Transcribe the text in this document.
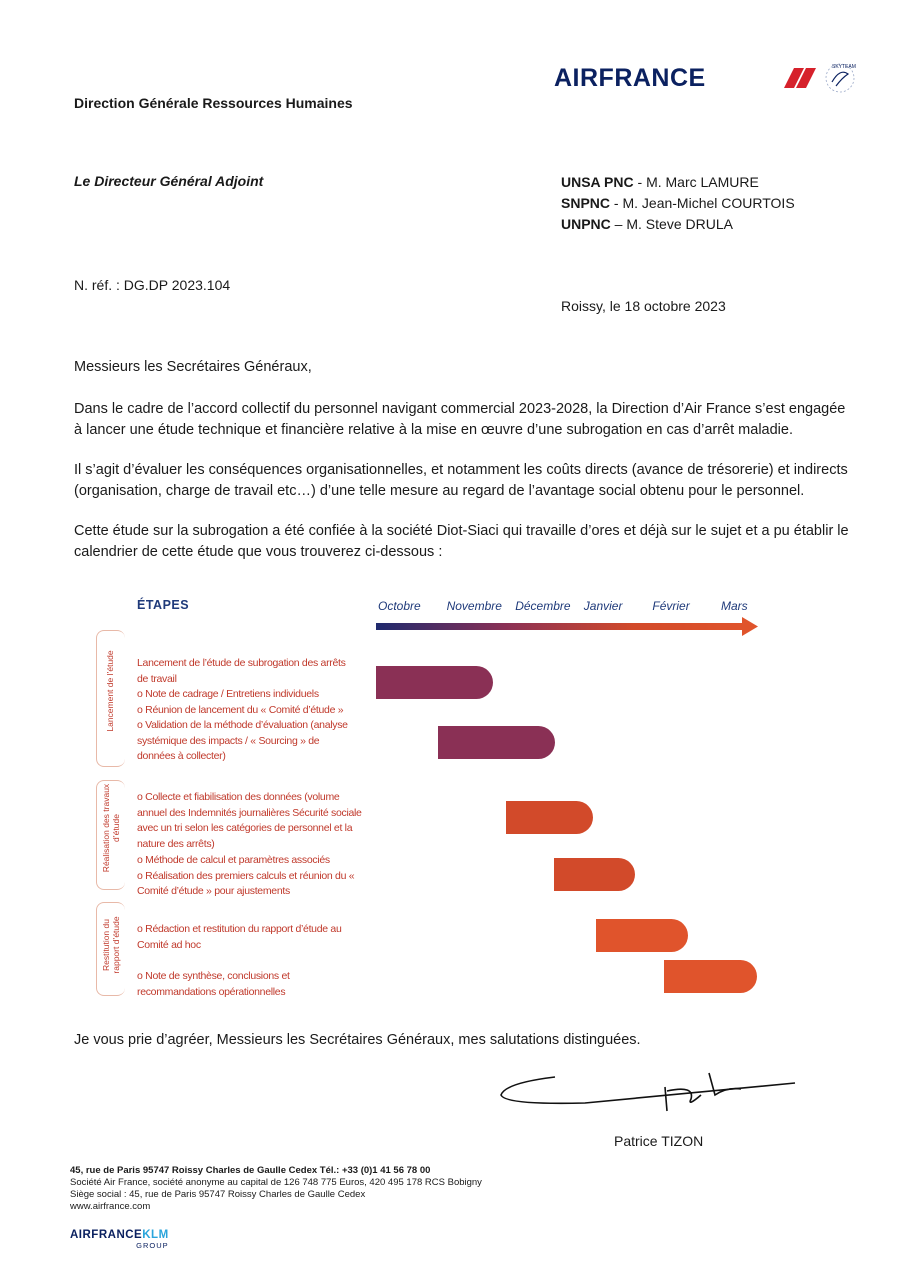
AIRFRANCE	SKYTEAM
Direction Générale Ressources Humaines
Le Directeur Général Adjoint	UNSA PNC - M. Marc LAMURE
SNPNC - M. Jean-Michel COURTOIS
UNPNC – M. Steve DRULA
N. réf. : DG.DP 2023.104
Roissy, le 18 octobre 2023
Messieurs les Secrétaires Généraux,
Dans le cadre de l’accord collectif du personnel navigant commercial 2023-2028, la Direction d’Air France s’est engagée à lancer une étude technique et financière relative à la mise en œuvre d’une subrogation en cas d’arrêt maladie.
Il s’agit d’évaluer les conséquences organisationnelles, et notamment les coûts directs (avance de trésorerie) et indirects (organisation, charge de travail etc…) d’une telle mesure au regard de l’avantage social obtenu pour le personnel.
Cette étude sur la subrogation a été confiée à la société Diot-Siaci qui travaille d’ores et déjà sur le sujet et a pu établir le calendrier de cette étude que vous trouverez ci-dessous :
ÉTAPES	Octobre Novembre Décembre Janvier Février	Mars
Lancement de l’étude
Réalisation des travaux d’étude
Restitution du rapport d’étude
Lancement de l’étude de subrogation des arrêts de travail
o Note de cadrage / Entretiens individuels
o Réunion de lancement du « Comité d’étude »
o Validation de la méthode d’évaluation (analyse systémique des impacts / « Sourcing » de données à collecter)
o Collecte et fiabilisation des données (volume annuel des Indemnités journalières Sécurité sociale avec un tri selon les catégories de personnel et la nature des arrêts)
o Méthode de calcul et paramètres associés
o Réalisation des premiers calculs et réunion du « Comité d’étude » pour ajustements
o Rédaction et restitution du rapport d’étude au Comité ad hoc
o Note de synthèse, conclusions et recommandations opérationnelles
Je vous prie d’agréer, Messieurs les Secrétaires Généraux, mes salutations distinguées.
Patrice TIZON
45, rue de Paris 95747 Roissy Charles de Gaulle Cedex Tél.: +33 (0)1 41 56 78 00
Société Air France, société anonyme au capital de 126 748 775 Euros, 420 495 178 RCS Bobigny
Siège social : 45, rue de Paris 95747 Roissy Charles de Gaulle Cedex
www.airfrance.com
AIRFRANCEKLM
GROUP
